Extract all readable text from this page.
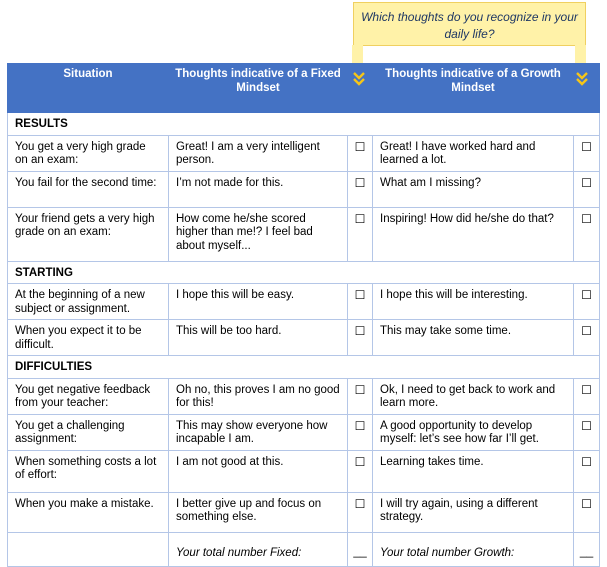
Which thoughts do you recognize in your daily life?
Situation	Thoughts indicative of a Fixed Mindset		Thoughts indicative of a Growth Mindset	
RESULTS				
You get a very high grade on an exam:	Great! I am a very intelligent person.	☐	Great! I have worked hard and learned a lot.	☐
You fail for the second time:	I’m not made for this.	☐	What am I missing?	☐
Your friend gets a very high grade on an exam:	How come he/she scored higher than me!? I feel bad about myself...	☐	Inspiring! How did he/she do that?	☐
STARTING				
At the beginning of a new subject or assignment.	I hope this will be easy.	☐	I hope this will be interesting.	☐
When you expect it to be difficult.	This will be too hard.	☐	This may take some time.	☐
DIFFICULTIES				
You get negative feedback from your teacher:	Oh no, this proves I am no good for this!	☐	Ok, I need to get back to work and learn more.	☐
You get a challenging assignment:	This may show everyone how incapable I am.	☐	A good opportunity to develop myself: let’s see how far I’ll get.	☐
When something costs a lot of effort:	I am not good at this.	☐	Learning takes time.	☐
When you make a mistake.	I better give up and focus on something else.	☐	I will try again, using a different strategy.	☐
	Your total number Fixed:	__	Your total number Growth:	__
